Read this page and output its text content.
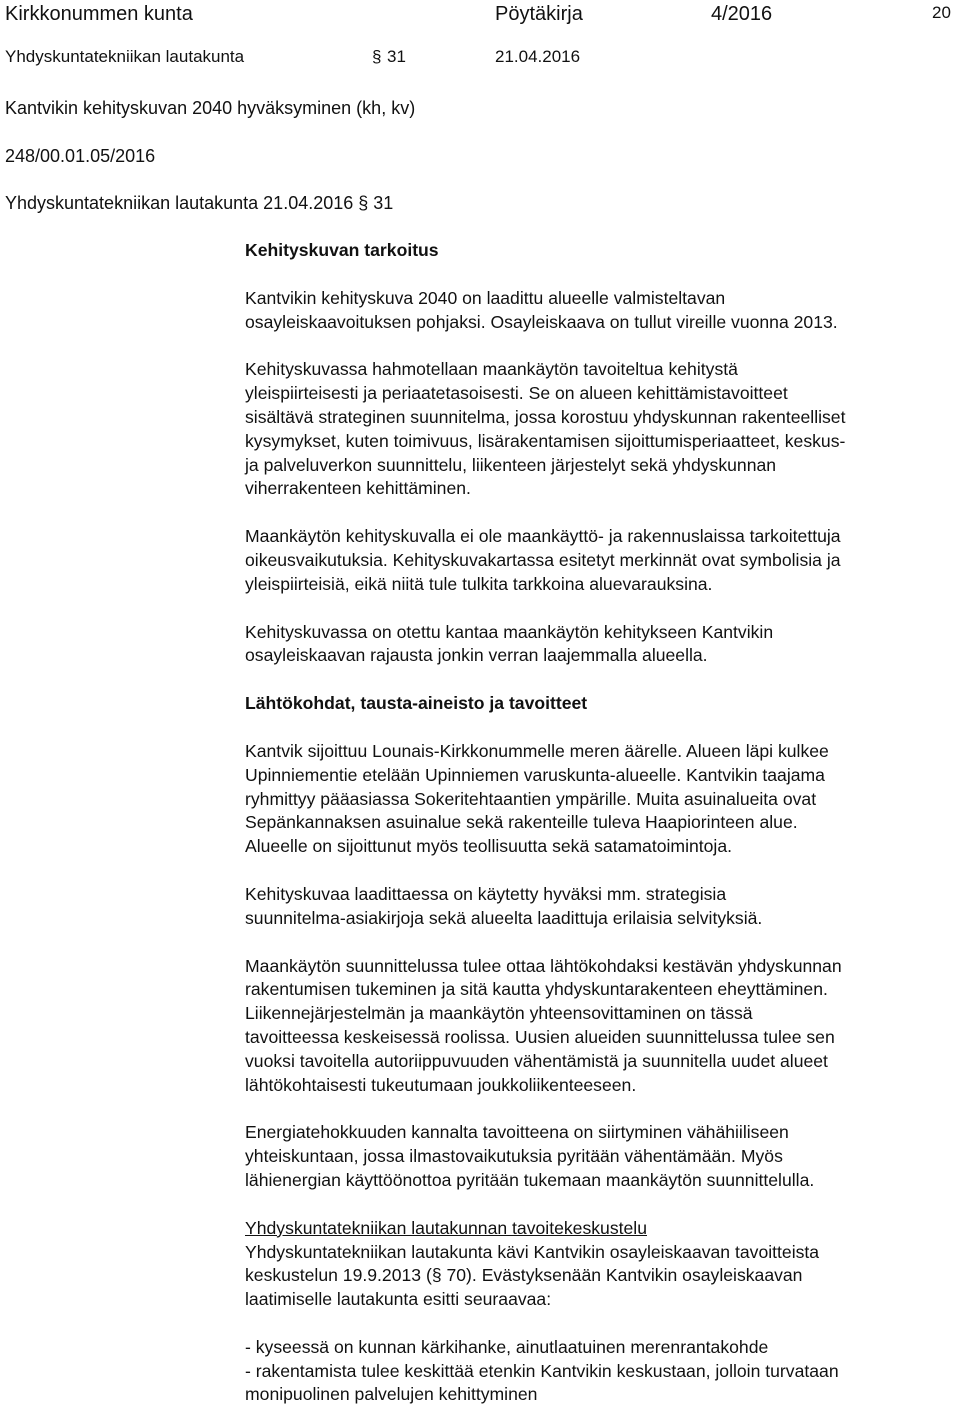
Kirkkonummen kunta	Pöytäkirja	4/2016	20
Yhdyskuntatekniikan lautakunta	§ 31	21.04.2016
Kantvikin kehityskuvan 2040 hyväksyminen (kh, kv)
248/00.01.05/2016
Yhdyskuntatekniikan lautakunta 21.04.2016 § 31

Kehityskuvan tarkoitus

Kantvikin kehityskuva 2040 on laadittu alueelle valmisteltavan

osayleiskaavoituksen pohjaksi. Osayleiskaava on tullut vireille vuonna 2013.

Kehityskuvassa hahmotellaan maankäytön tavoiteltua kehitystä

yleispiirteisesti ja periaatetasoisesti. Se on alueen kehittämistavoitteet

sisältävä strateginen suunnitelma, jossa korostuu yhdyskunnan rakenteelliset

kysymykset, kuten toimivuus, lisärakentamisen sijoittumisperiaatteet, keskus-

ja palveluverkon suunnittelu, liikenteen järjestelyt sekä yhdyskunnan

viherrakenteen kehittäminen.

Maankäytön kehityskuvalla ei ole maankäyttö- ja rakennuslaissa tarkoitettuja

oikeusvaikutuksia. Kehityskuvakartassa esitetyt merkinnät ovat symbolisia ja

yleispiirteisiä, eikä niitä tule tulkita tarkkoina aluevarauksina.

Kehityskuvassa on otettu kantaa maankäytön kehitykseen Kantvikin

osayleiskaavan rajausta jonkin verran laajemmalla alueella.

Lähtökohdat, tausta-aineisto ja tavoitteet

Kantvik sijoittuu Lounais-Kirkkonummelle meren äärelle. Alueen läpi kulkee

Upinniementie etelään Upinniemen varuskunta-alueelle. Kantvikin taajama

ryhmittyy pääasiassa Sokeritehtaantien ympärille. Muita asuinalueita ovat

Sepänkannaksen asuinalue sekä rakenteille tuleva Haapiorinteen alue.

Alueelle on sijoittunut myös teollisuutta sekä satamatoimintoja.

Kehityskuvaa laadittaessa on käytetty hyväksi mm. strategisia

suunnitelma-asiakirjoja sekä alueelta laadittuja erilaisia selvityksiä.

Maankäytön suunnittelussa tulee ottaa lähtökohdaksi kestävän yhdyskunnan

rakentumisen tukeminen ja sitä kautta yhdyskuntarakenteen eheyttäminen.

Liikennejärjestelmän ja maankäytön yhteensovittaminen on tässä

tavoitteessa keskeisessä roolissa. Uusien alueiden suunnittelussa tulee sen

vuoksi tavoitella autoriippuvuuden vähentämistä ja suunnitella uudet alueet

lähtökohtaisesti tukeutumaan joukkoliikenteeseen.

Energiatehokkuuden kannalta tavoitteena on siirtyminen vähähiiliseen

yhteiskuntaan, jossa ilmastovaikutuksia pyritään vähentämään. Myös

lähienergian käyttöönottoa pyritään tukemaan maankäytön suunnittelulla.

Yhdyskuntatekniikan lautakunnan tavoitekeskustelu

Yhdyskuntatekniikan lautakunta kävi Kantvikin osayleiskaavan tavoitteista

keskustelun 19.9.2013 (§ 70). Evästyksenään Kantvikin osayleiskaavan

laatimiselle lautakunta esitti seuraavaa:

- kyseessä on kunnan kärkihanke, ainutlaatuinen merenrantakohde

- rakentamista tulee keskittää etenkin Kantvikin keskustaan, jolloin turvataan

monipuolinen palvelujen kehittyminen
